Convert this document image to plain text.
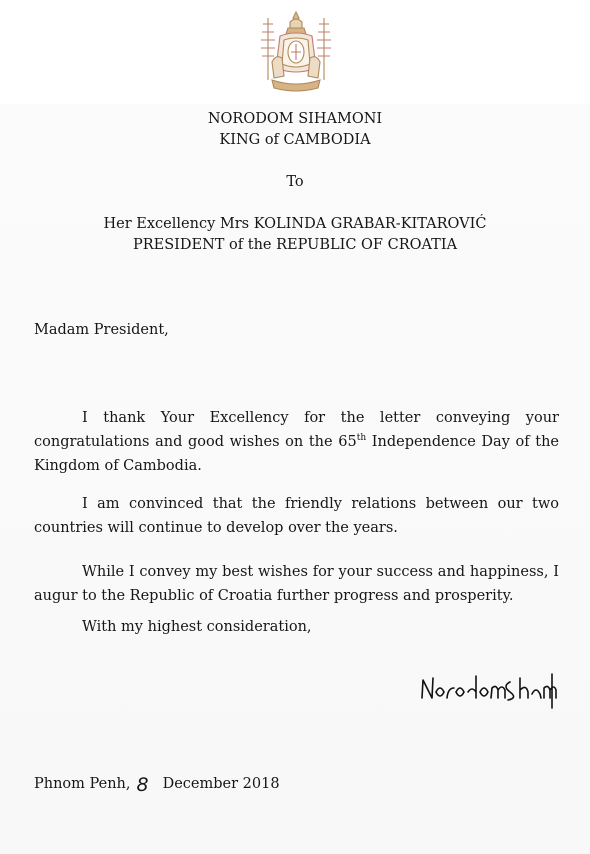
NORODOM SIHAMONI
KING of CAMBODIA
To
Her Excellency Mrs KOLINDA GRABAR-KITAROVIĆ
PRESIDENT of the REPUBLIC OF CROATIA
Madam President,
I thank Your Excellency for the letter conveying your congratulations and good wishes on the 65th Independence Day of the Kingdom of Cambodia.
I am convinced that the friendly relations between our two countries will continue to develop over the years.
While I convey my best wishes for your success and happiness, I augur to the Republic of Croatia further progress and prosperity.
With my highest consideration,
Phnom Penh, 8 December 2018
